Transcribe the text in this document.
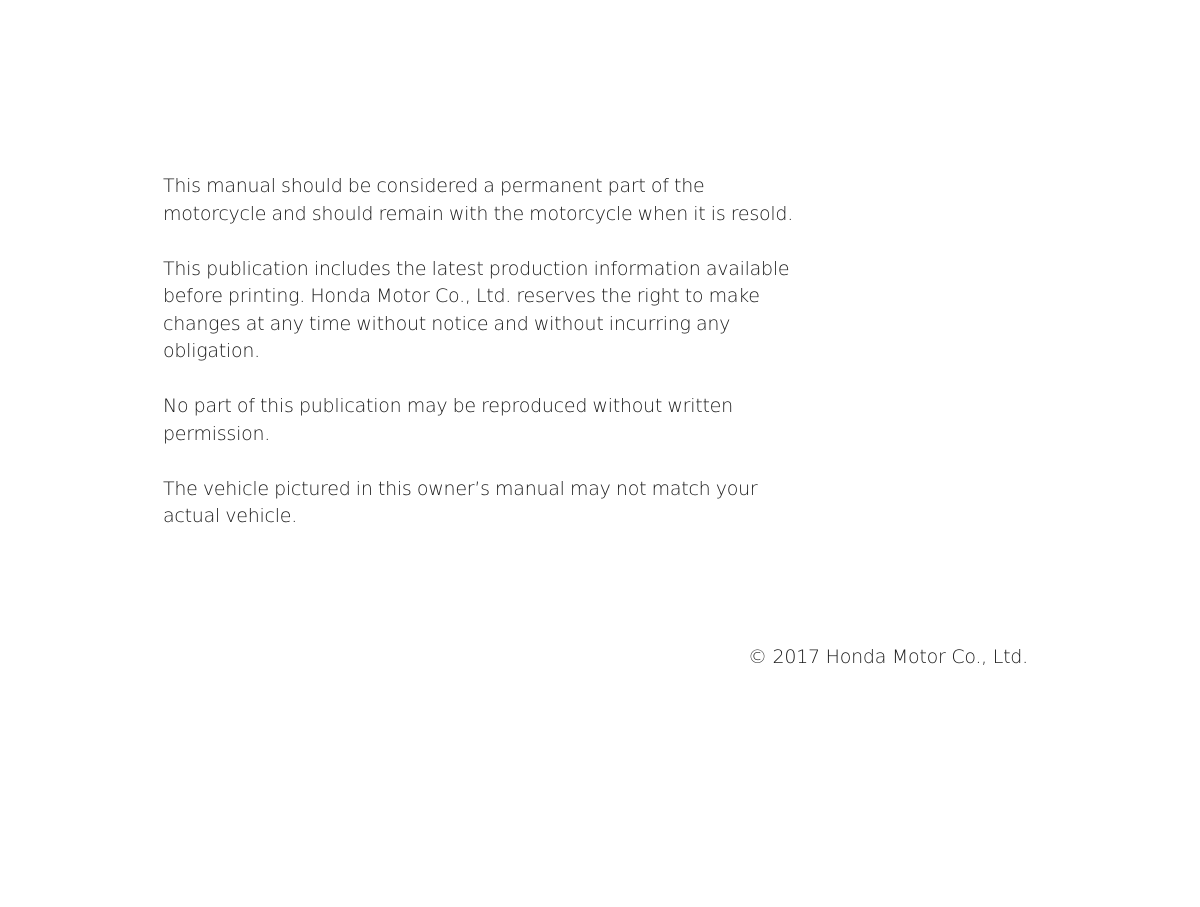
This manual should be considered a permanent part of the
motorcycle and should remain with the motorcycle when it is resold.

This publication includes the latest production information available
before printing. Honda Motor Co., Ltd. reserves the right to make
changes at any time without notice and without incurring any
obligation.

No part of this publication may be reproduced without written
permission.

The vehicle pictured in this owner’s manual may not match your
actual vehicle.

© 2017 Honda Motor Co., Ltd.
